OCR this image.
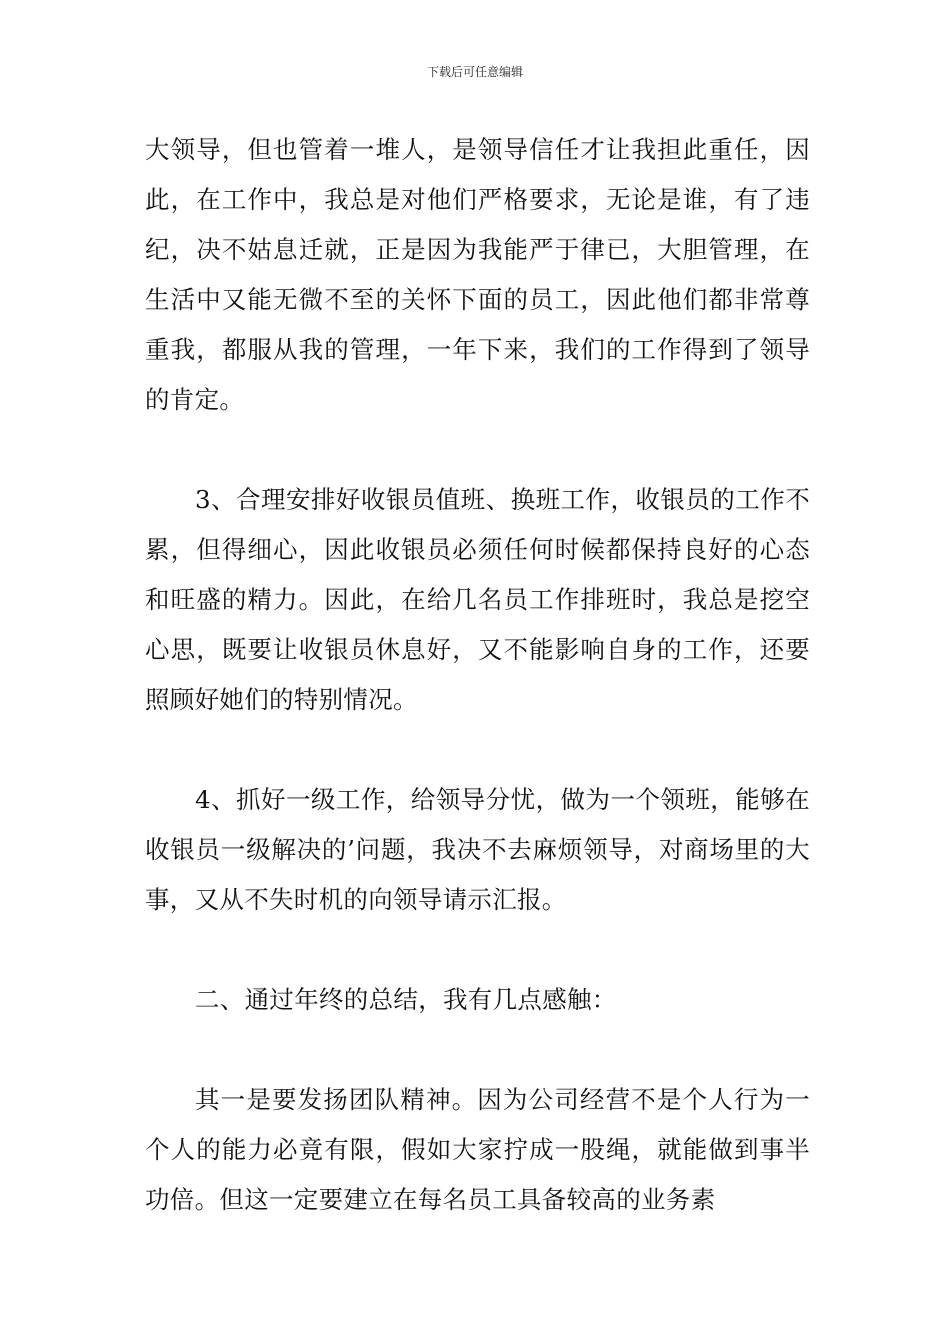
下载后可任意编辑

大领导，但也管着一堆人，是领导信任才让我担此重任，因此，在工作中，我总是对他们严格要求，无论是谁，有了违纪，决不姑息迁就，正是因为我能严于律已，大胆管理，在生活中又能无微不至的关怀下面的员工，因此他们都非常尊重我，都服从我的管理，一年下来，我们的工作得到了领导的肯定。

3、合理安排好收银员值班、换班工作，收银员的工作不累，但得细心，因此收银员必须任何时候都保持良好的心态和旺盛的精力。因此，在给几名员工作排班时，我总是挖空心思，既要让收银员休息好，又不能影响自身的工作，还要照顾好她们的特别情况。

4、抓好一级工作，给领导分忧，做为一个领班，能够在收银员一级解决的’问题，我决不去麻烦领导，对商场里的大事，又从不失时机的向领导请示汇报。

二、通过年终的总结，我有几点感触：

其一是要发扬团队精神。因为公司经营不是个人行为一个人的能力必竟有限，假如大家拧成一股绳，就能做到事半功倍。但这一定要建立在每名员工具备较高的业务素
